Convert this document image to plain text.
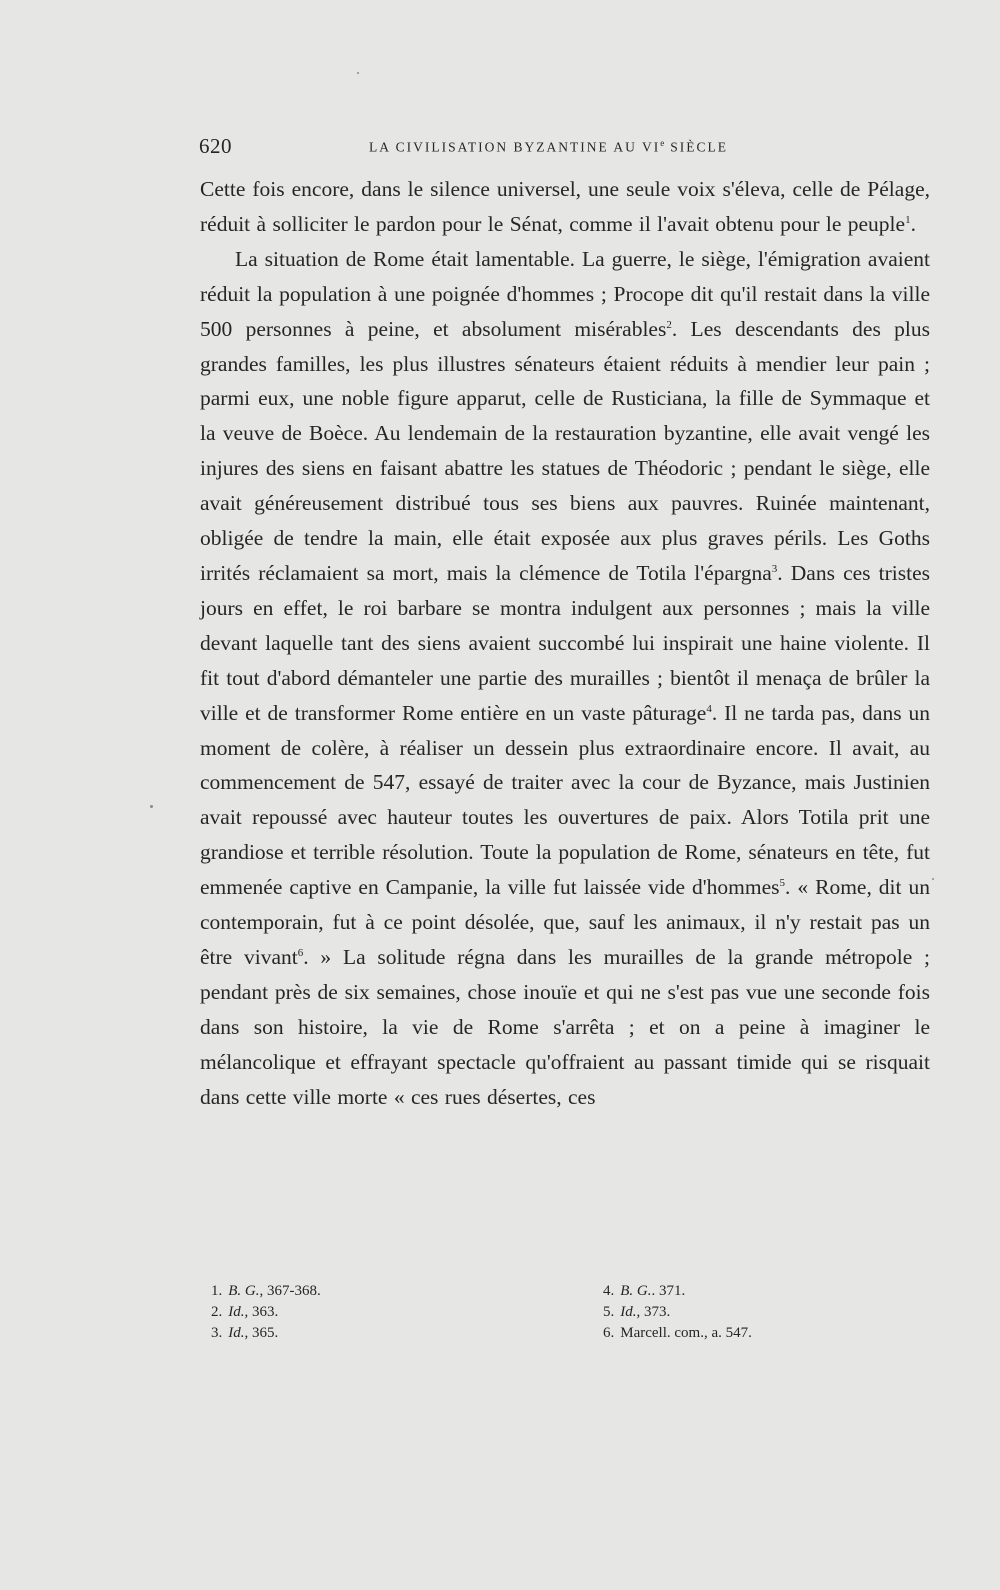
620	LA CIVILISATION BYZANTINE AU VIe SIÈCLE

Cette fois encore, dans le silence universel, une seule voix s'éleva, celle de Pélage, réduit à solliciter le pardon pour le Sénat, comme il l'avait obtenu pour le peuple$^1$.

La situation de Rome était lamentable. La guerre, le siège, l'émigration avaient réduit la population à une poignée d'hommes ; Procope dit qu'il restait dans la ville 500 personnes à peine, et absolument misérables$^2$. Les descendants des plus grandes familles, les plus illustres sénateurs étaient réduits à mendier leur pain ; parmi eux, une noble figure apparut, celle de Rusticiana, la fille de Symmaque et la veuve de Boèce. Au lendemain de la restauration byzantine, elle avait vengé les injures des siens en faisant abattre les statues de Théodoric ; pendant le siège, elle avait généreusement distribué tous ses biens aux pauvres. Ruinée maintenant, obligée de tendre la main, elle était exposée aux plus graves périls. Les Goths irrités réclamaient sa mort, mais la clémence de Totila l'épargna$^3$. Dans ces tristes jours en effet, le roi barbare se montra indulgent aux personnes ; mais la ville devant laquelle tant des siens avaient succombé lui inspirait une haine violente. Il fit tout d'abord démanteler une partie des murailles ; bientôt il menaça de brûler la ville et de transformer Rome entière en un vaste pâturage$^4$. Il ne tarda pas, dans un moment de colère, à réaliser un dessein plus extraordinaire encore. Il avait, au commencement de 547, essayé de traiter avec la cour de Byzance, mais Justinien avait repoussé avec hauteur toutes les ouvertures de paix. Alors Totila prit une grandiose et terrible résolution. Toute la population de Rome, sénateurs en tête, fut emmenée captive en Campanie, la ville fut laissée vide d'hommes$^5$. « Rome, dit un contemporain, fut à ce point désolée, que, sauf les animaux, il n'y restait pas un être vivant$^6$. » La solitude régna dans les murailles de la grande métropole ; pendant près de six semaines, chose inouïe et qui ne s'est pas vue une seconde fois dans son histoire, la vie de Rome s'arrêta ; et on a peine à imaginer le mélancolique et effrayant spectacle qu'offraient au passant timide qui se risquait dans cette ville morte « ces rues désertes, ces

1. B. G., 367-368.
2. Id., 363.
3. Id., 365.
4. B. G.. 371.
5. Id., 373.
6. Marcell. com., a. 547.
